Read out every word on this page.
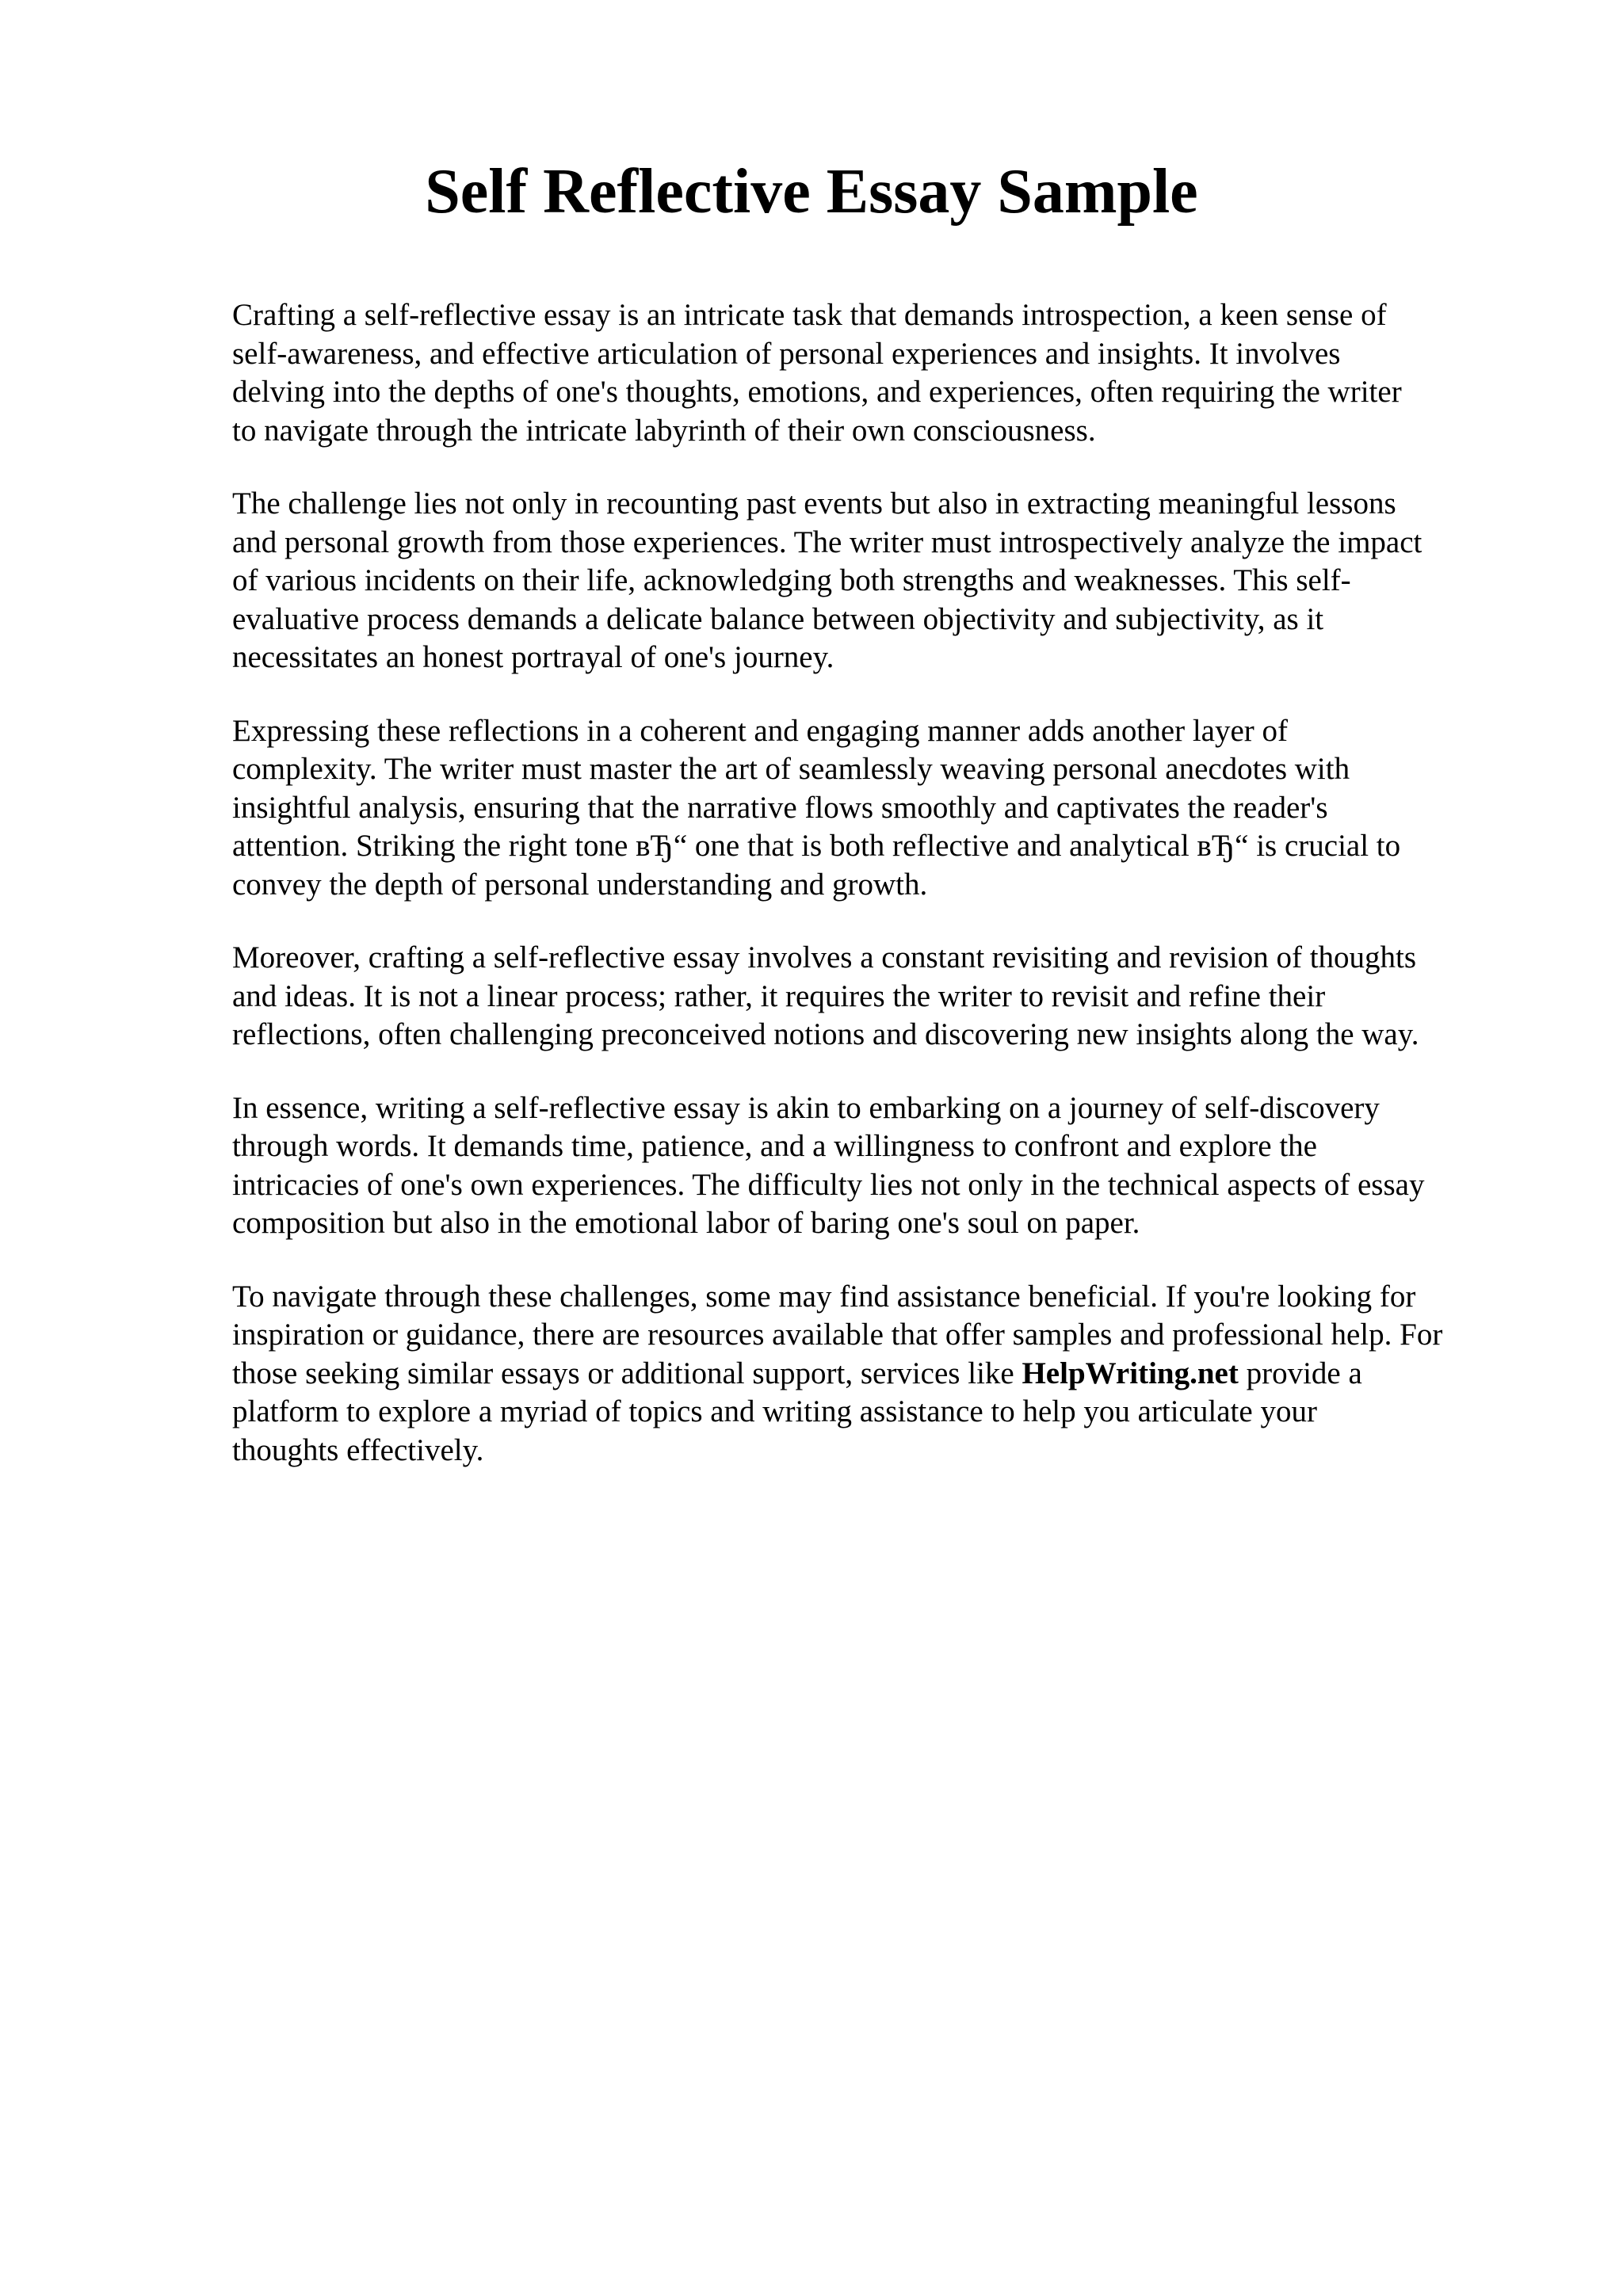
Self Reflective Essay Sample

Crafting a self-reflective essay is an intricate task that demands introspection, a keen sense of
self-awareness, and effective articulation of personal experiences and insights. It involves
delving into the depths of one's thoughts, emotions, and experiences, often requiring the writer
to navigate through the intricate labyrinth of their own consciousness.

The challenge lies not only in recounting past events but also in extracting meaningful lessons
and personal growth from those experiences. The writer must introspectively analyze the impact
of various incidents on their life, acknowledging both strengths and weaknesses. This self-
evaluative process demands a delicate balance between objectivity and subjectivity, as it
necessitates an honest portrayal of one's journey.

Expressing these reflections in a coherent and engaging manner adds another layer of
complexity. The writer must master the art of seamlessly weaving personal anecdotes with
insightful analysis, ensuring that the narrative flows smoothly and captivates the reader's
attention. Striking the right tone вЂ“ one that is both reflective and analytical вЂ“ is crucial to
convey the depth of personal understanding and growth.

Moreover, crafting a self-reflective essay involves a constant revisiting and revision of thoughts
and ideas. It is not a linear process; rather, it requires the writer to revisit and refine their
reflections, often challenging preconceived notions and discovering new insights along the way.

In essence, writing a self-reflective essay is akin to embarking on a journey of self-discovery
through words. It demands time, patience, and a willingness to confront and explore the
intricacies of one's own experiences. The difficulty lies not only in the technical aspects of essay
composition but also in the emotional labor of baring one's soul on paper.

To navigate through these challenges, some may find assistance beneficial. If you're looking for
inspiration or guidance, there are resources available that offer samples and professional help. For
those seeking similar essays or additional support, services like HelpWriting.net provide a
platform to explore a myriad of topics and writing assistance to help you articulate your
thoughts effectively.
